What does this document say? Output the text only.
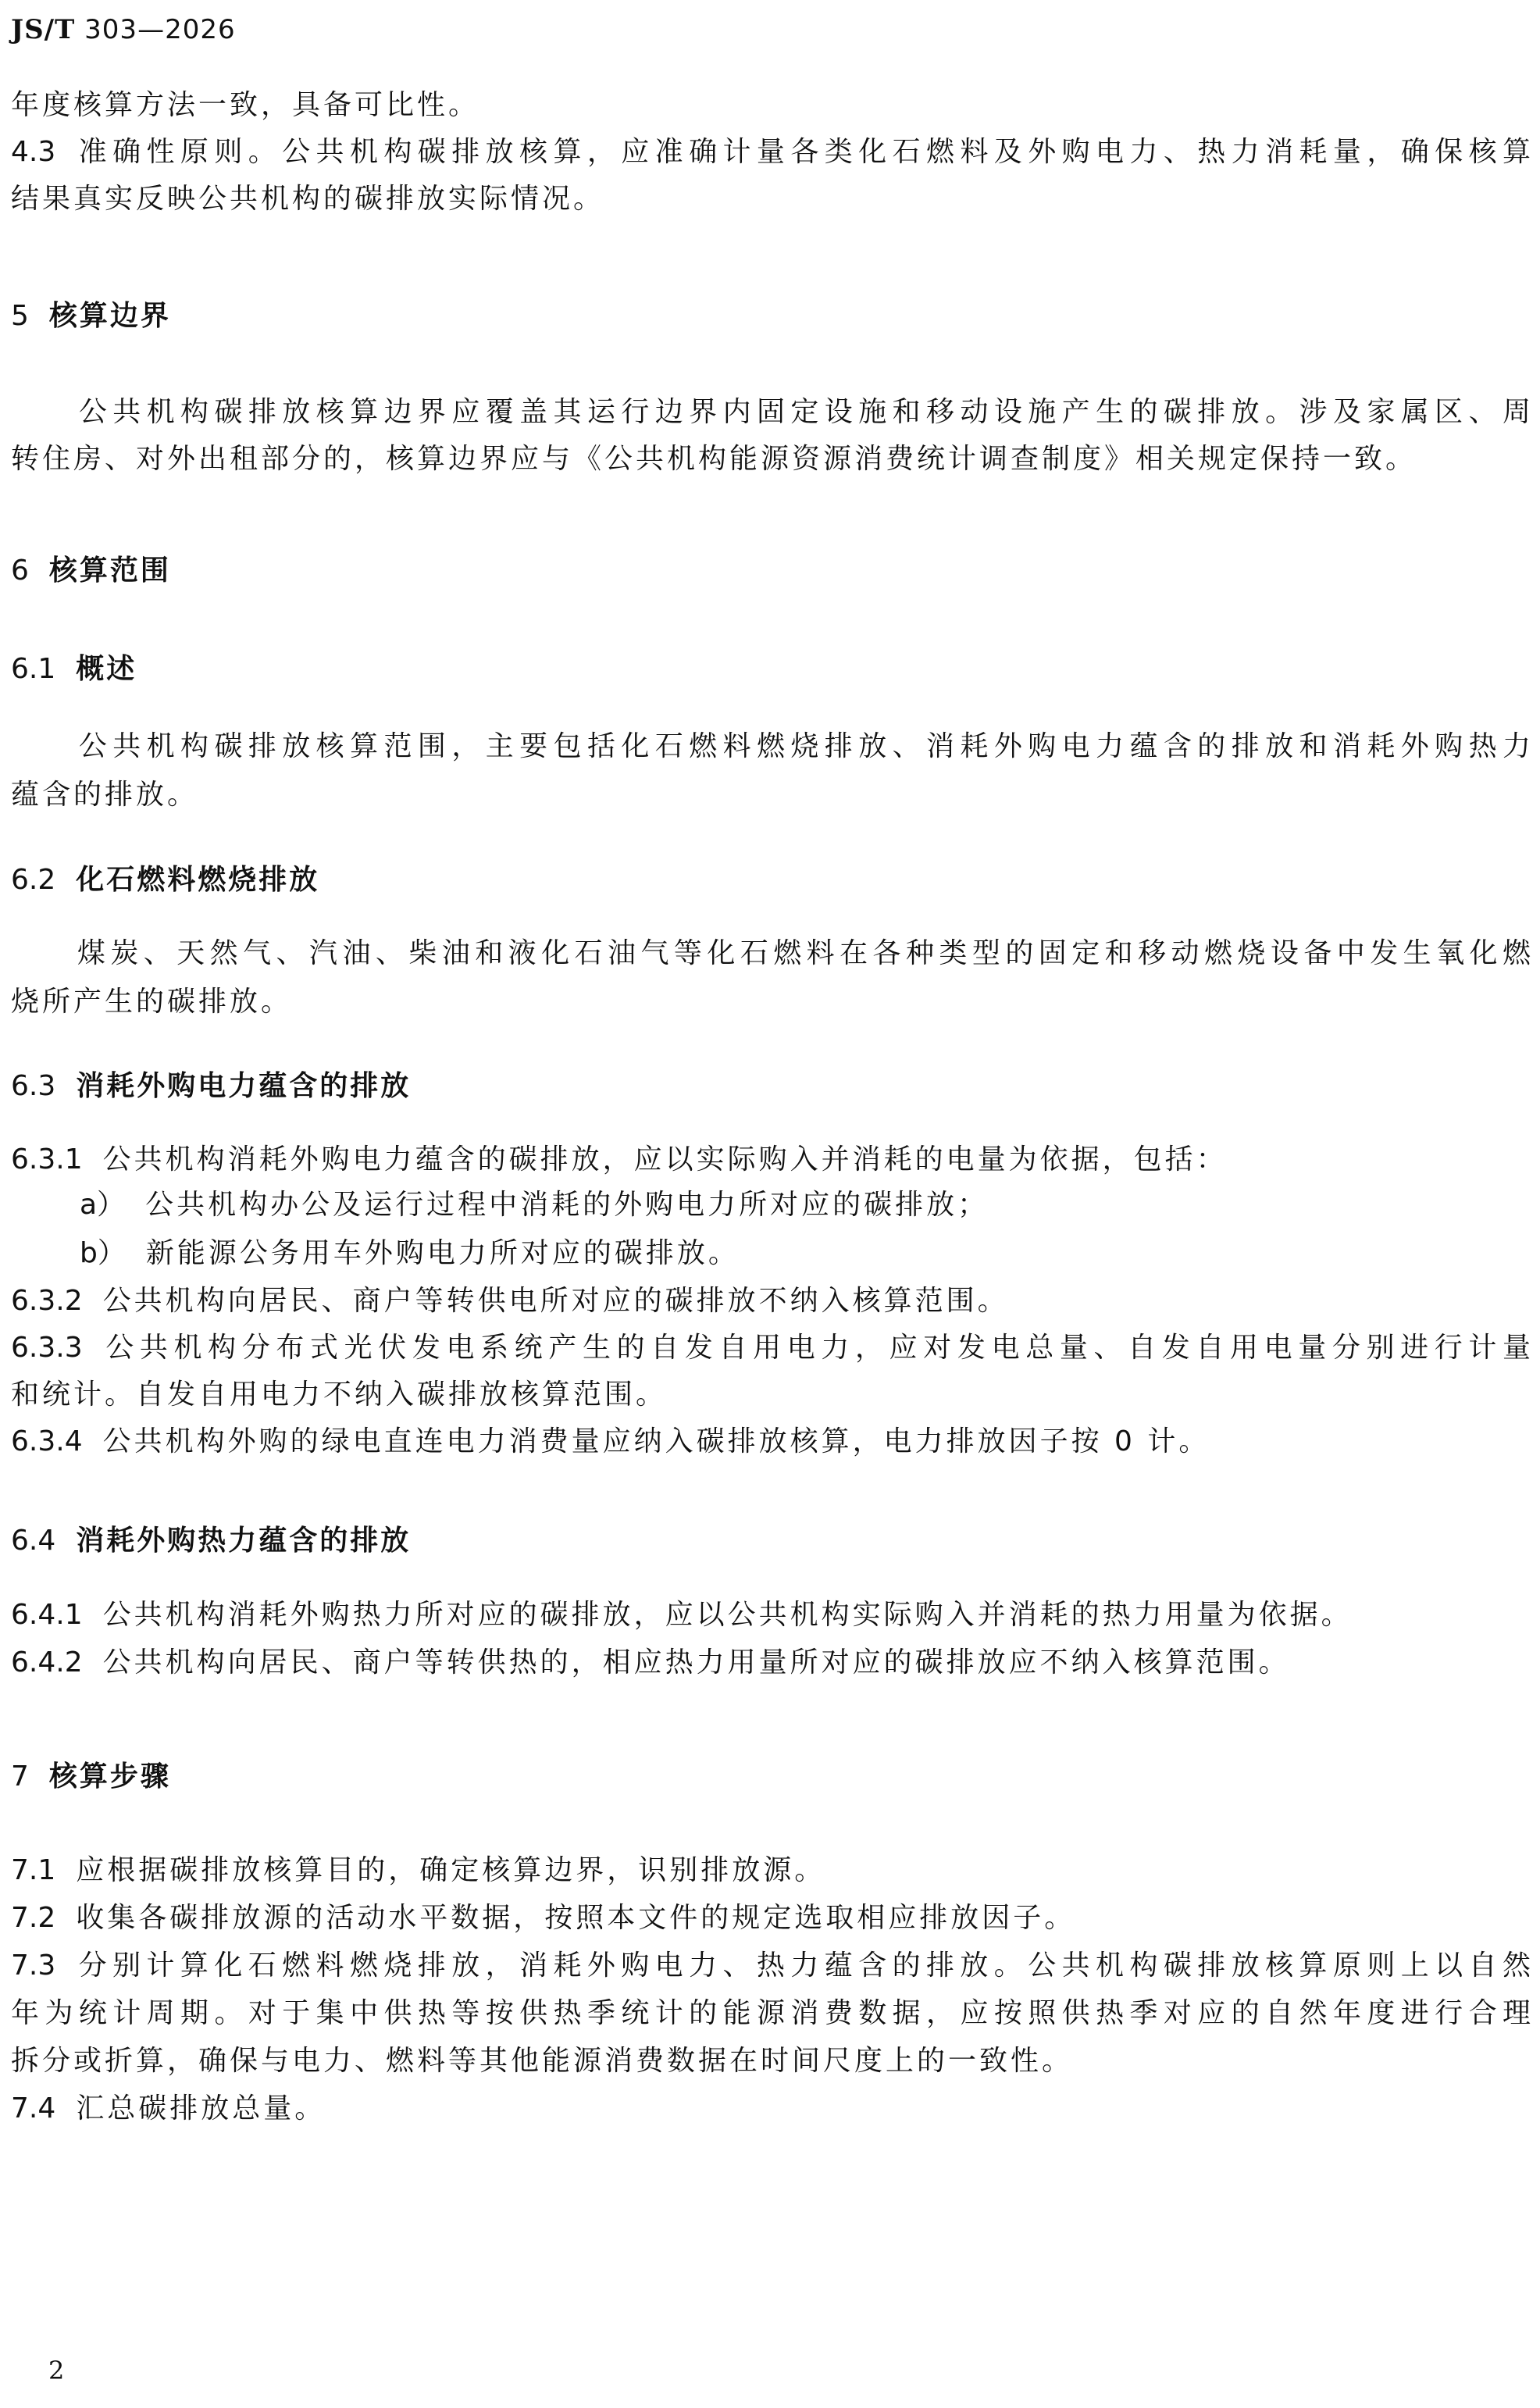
JS/T 303—2026
年度核算方法一致，具备可比性。
4.3 准确性原则。公共机构碳排放核算，应准确计量各类化石燃料及外购电力、热力消耗量，确保核算
结果真实反映公共机构的碳排放实际情况。
5 核算边界
　　公共机构碳排放核算边界应覆盖其运行边界内固定设施和移动设施产生的碳排放。涉及家属区、周
转住房、对外出租部分的，核算边界应与《公共机构能源资源消费统计调查制度》相关规定保持一致。
6 核算范围
6.1 概述
　　公共机构碳排放核算范围，主要包括化石燃料燃烧排放、消耗外购电力蕴含的排放和消耗外购热力
蕴含的排放。
6.2 化石燃料燃烧排放
　　煤炭、天然气、汽油、柴油和液化石油气等化石燃料在各种类型的固定和移动燃烧设备中发生氧化燃
烧所产生的碳排放。
6.3 消耗外购电力蕴含的排放
6.3.1 公共机构消耗外购电力蕴含的碳排放，应以实际购入并消耗的电量为依据，包括：
a） 公共机构办公及运行过程中消耗的外购电力所对应的碳排放；
b） 新能源公务用车外购电力所对应的碳排放。
6.3.2 公共机构向居民、商户等转供电所对应的碳排放不纳入核算范围。
6.3.3 公共机构分布式光伏发电系统产生的自发自用电力，应对发电总量、自发自用电量分别进行计量
和统计。自发自用电力不纳入碳排放核算范围。
6.3.4 公共机构外购的绿电直连电力消费量应纳入碳排放核算，电力排放因子按 0 计。
6.4 消耗外购热力蕴含的排放
6.4.1 公共机构消耗外购热力所对应的碳排放，应以公共机构实际购入并消耗的热力用量为依据。
6.4.2 公共机构向居民、商户等转供热的，相应热力用量所对应的碳排放应不纳入核算范围。
7 核算步骤
7.1 应根据碳排放核算目的，确定核算边界，识别排放源。
7.2 收集各碳排放源的活动水平数据，按照本文件的规定选取相应排放因子。
7.3 分别计算化石燃料燃烧排放，消耗外购电力、热力蕴含的排放。公共机构碳排放核算原则上以自然
年为统计周期。对于集中供热等按供热季统计的能源消费数据，应按照供热季对应的自然年度进行合理
拆分或折算，确保与电力、燃料等其他能源消费数据在时间尺度上的一致性。
7.4 汇总碳排放总量。
2
